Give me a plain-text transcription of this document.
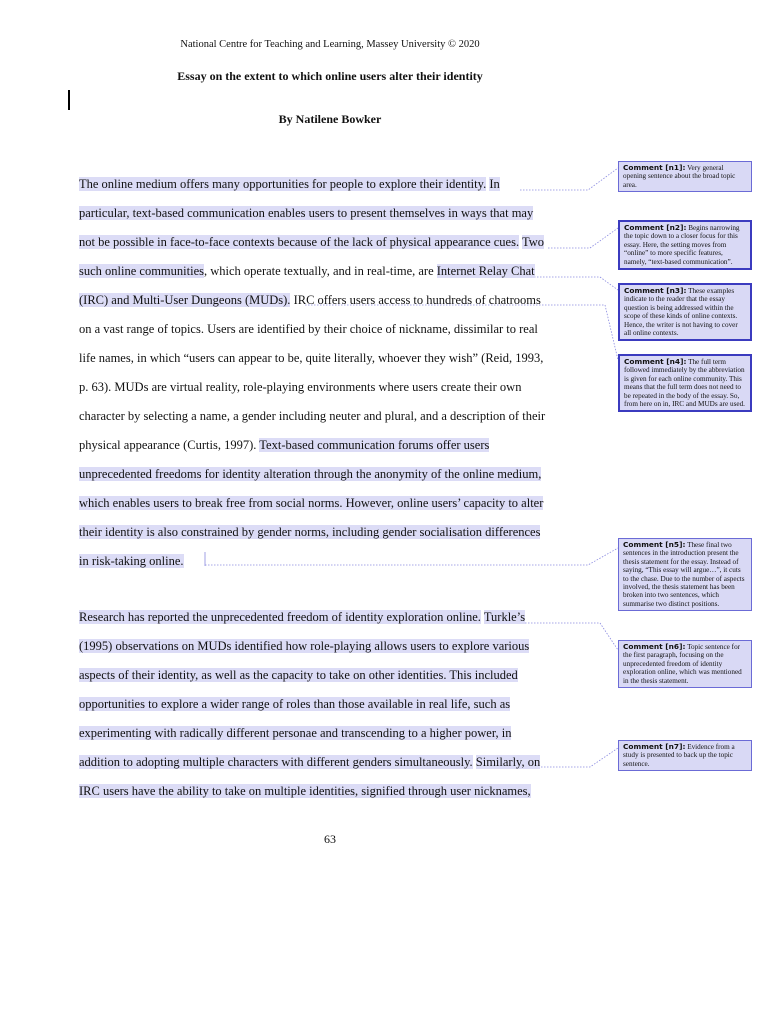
National Centre for Teaching and Learning, Massey University © 2020
Essay on the extent to which online users alter their identity
By Natilene Bowker
The online medium offers many opportunities for people to explore their identity. In
particular, text-based communication enables users to present themselves in ways that may
not be possible in face-to-face contexts because of the lack of physical appearance cues. Two
such online communities, which operate textually, and in real-time, are Internet Relay Chat
(IRC) and Multi-User Dungeons (MUDs). IRC offers users access to hundreds of chatrooms
on a vast range of topics. Users are identified by their choice of nickname, dissimilar to real
life names, in which “users can appear to be, quite literally, whoever they wish” (Reid, 1993,
p. 63). MUDs are virtual reality, role-playing environments where users create their own
character by selecting a name, a gender including neuter and plural, and a description of their
physical appearance (Curtis, 1997). Text-based communication forums offer users
unprecedented freedoms for identity alteration through the anonymity of the online medium,
which enables users to break free from social norms. However, online users’ capacity to alter
their identity is also constrained by gender norms, including gender socialisation differences
in risk-taking online.
Research has reported the unprecedented freedom of identity exploration online. Turkle’s
(1995) observations on MUDs identified how role-playing allows users to explore various
aspects of their identity, as well as the capacity to take on other identities. This included
opportunities to explore a wider range of roles than those available in real life, such as
experimenting with radically different personae and transcending to a higher power, in
addition to adopting multiple characters with different genders simultaneously. Similarly, on
IRC users have the ability to take on multiple identities, signified through user nicknames,
Comment [n1]: Very general opening sentence about the broad topic area.
Comment [n2]: Begins narrowing the topic down to a closer focus for this essay. Here, the setting moves from “online” to more specific features, namely, “text-based communication”.
Comment [n3]: These examples indicate to the reader that the essay question is being addressed within the scope of these kinds of online contexts. Hence, the writer is not having to cover all online contexts.
Comment [n4]: The full term followed immediately by the abbreviation is given for each online community. This means that the full term does not need to be repeated in the body of the essay. So, from here on in, IRC and MUDs are used.
Comment [n5]: These final two sentences in the introduction present the thesis statement for the essay. Instead of saying, “This essay will argue…”, it cuts to the chase. Due to the number of aspects involved, the thesis statement has been broken into two sentences, which summarise two distinct positions.
Comment [n6]: Topic sentence for the first paragraph, focusing on the unprecedented freedom of identity exploration online, which was mentioned in the thesis statement.
Comment [n7]: Evidence from a study is presented to back up the topic sentence.
63
